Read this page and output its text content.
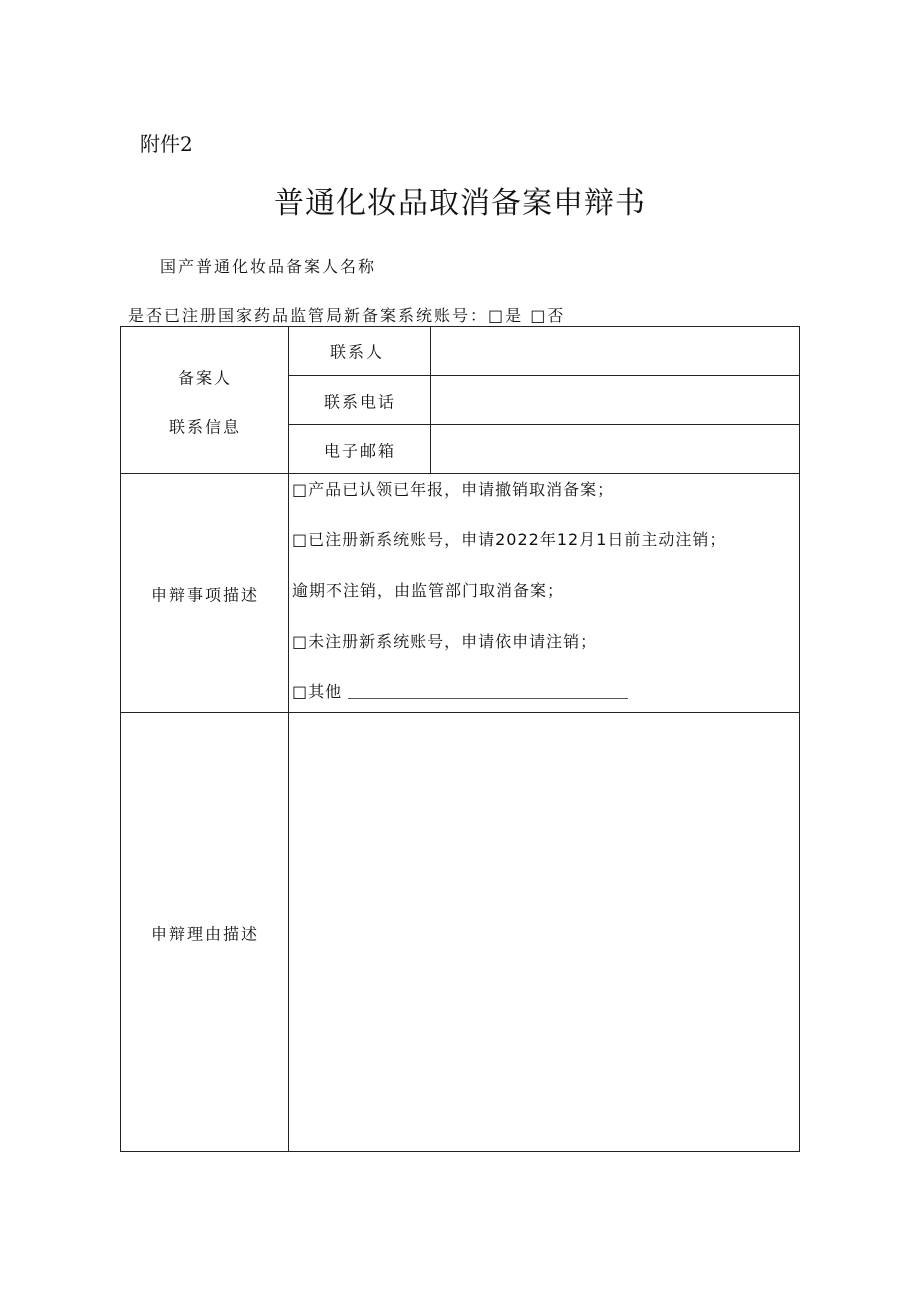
附件2
普通化妆品取消备案申辩书
国产普通化妆品备案人名称
是否已注册国家药品监管局新备案系统账号：□是 □否
备案人
联系信息
联系人
联系电话
电子邮箱
申辩事项描述
□产品已认领已年报，申请撤销取消备案；
□已注册新系统账号，申请2022年12月1日前主动注销；
逾期不注销，由监管部门取消备案；
□未注册新系统账号，申请依申请注销；
□其他
申辩理由描述
